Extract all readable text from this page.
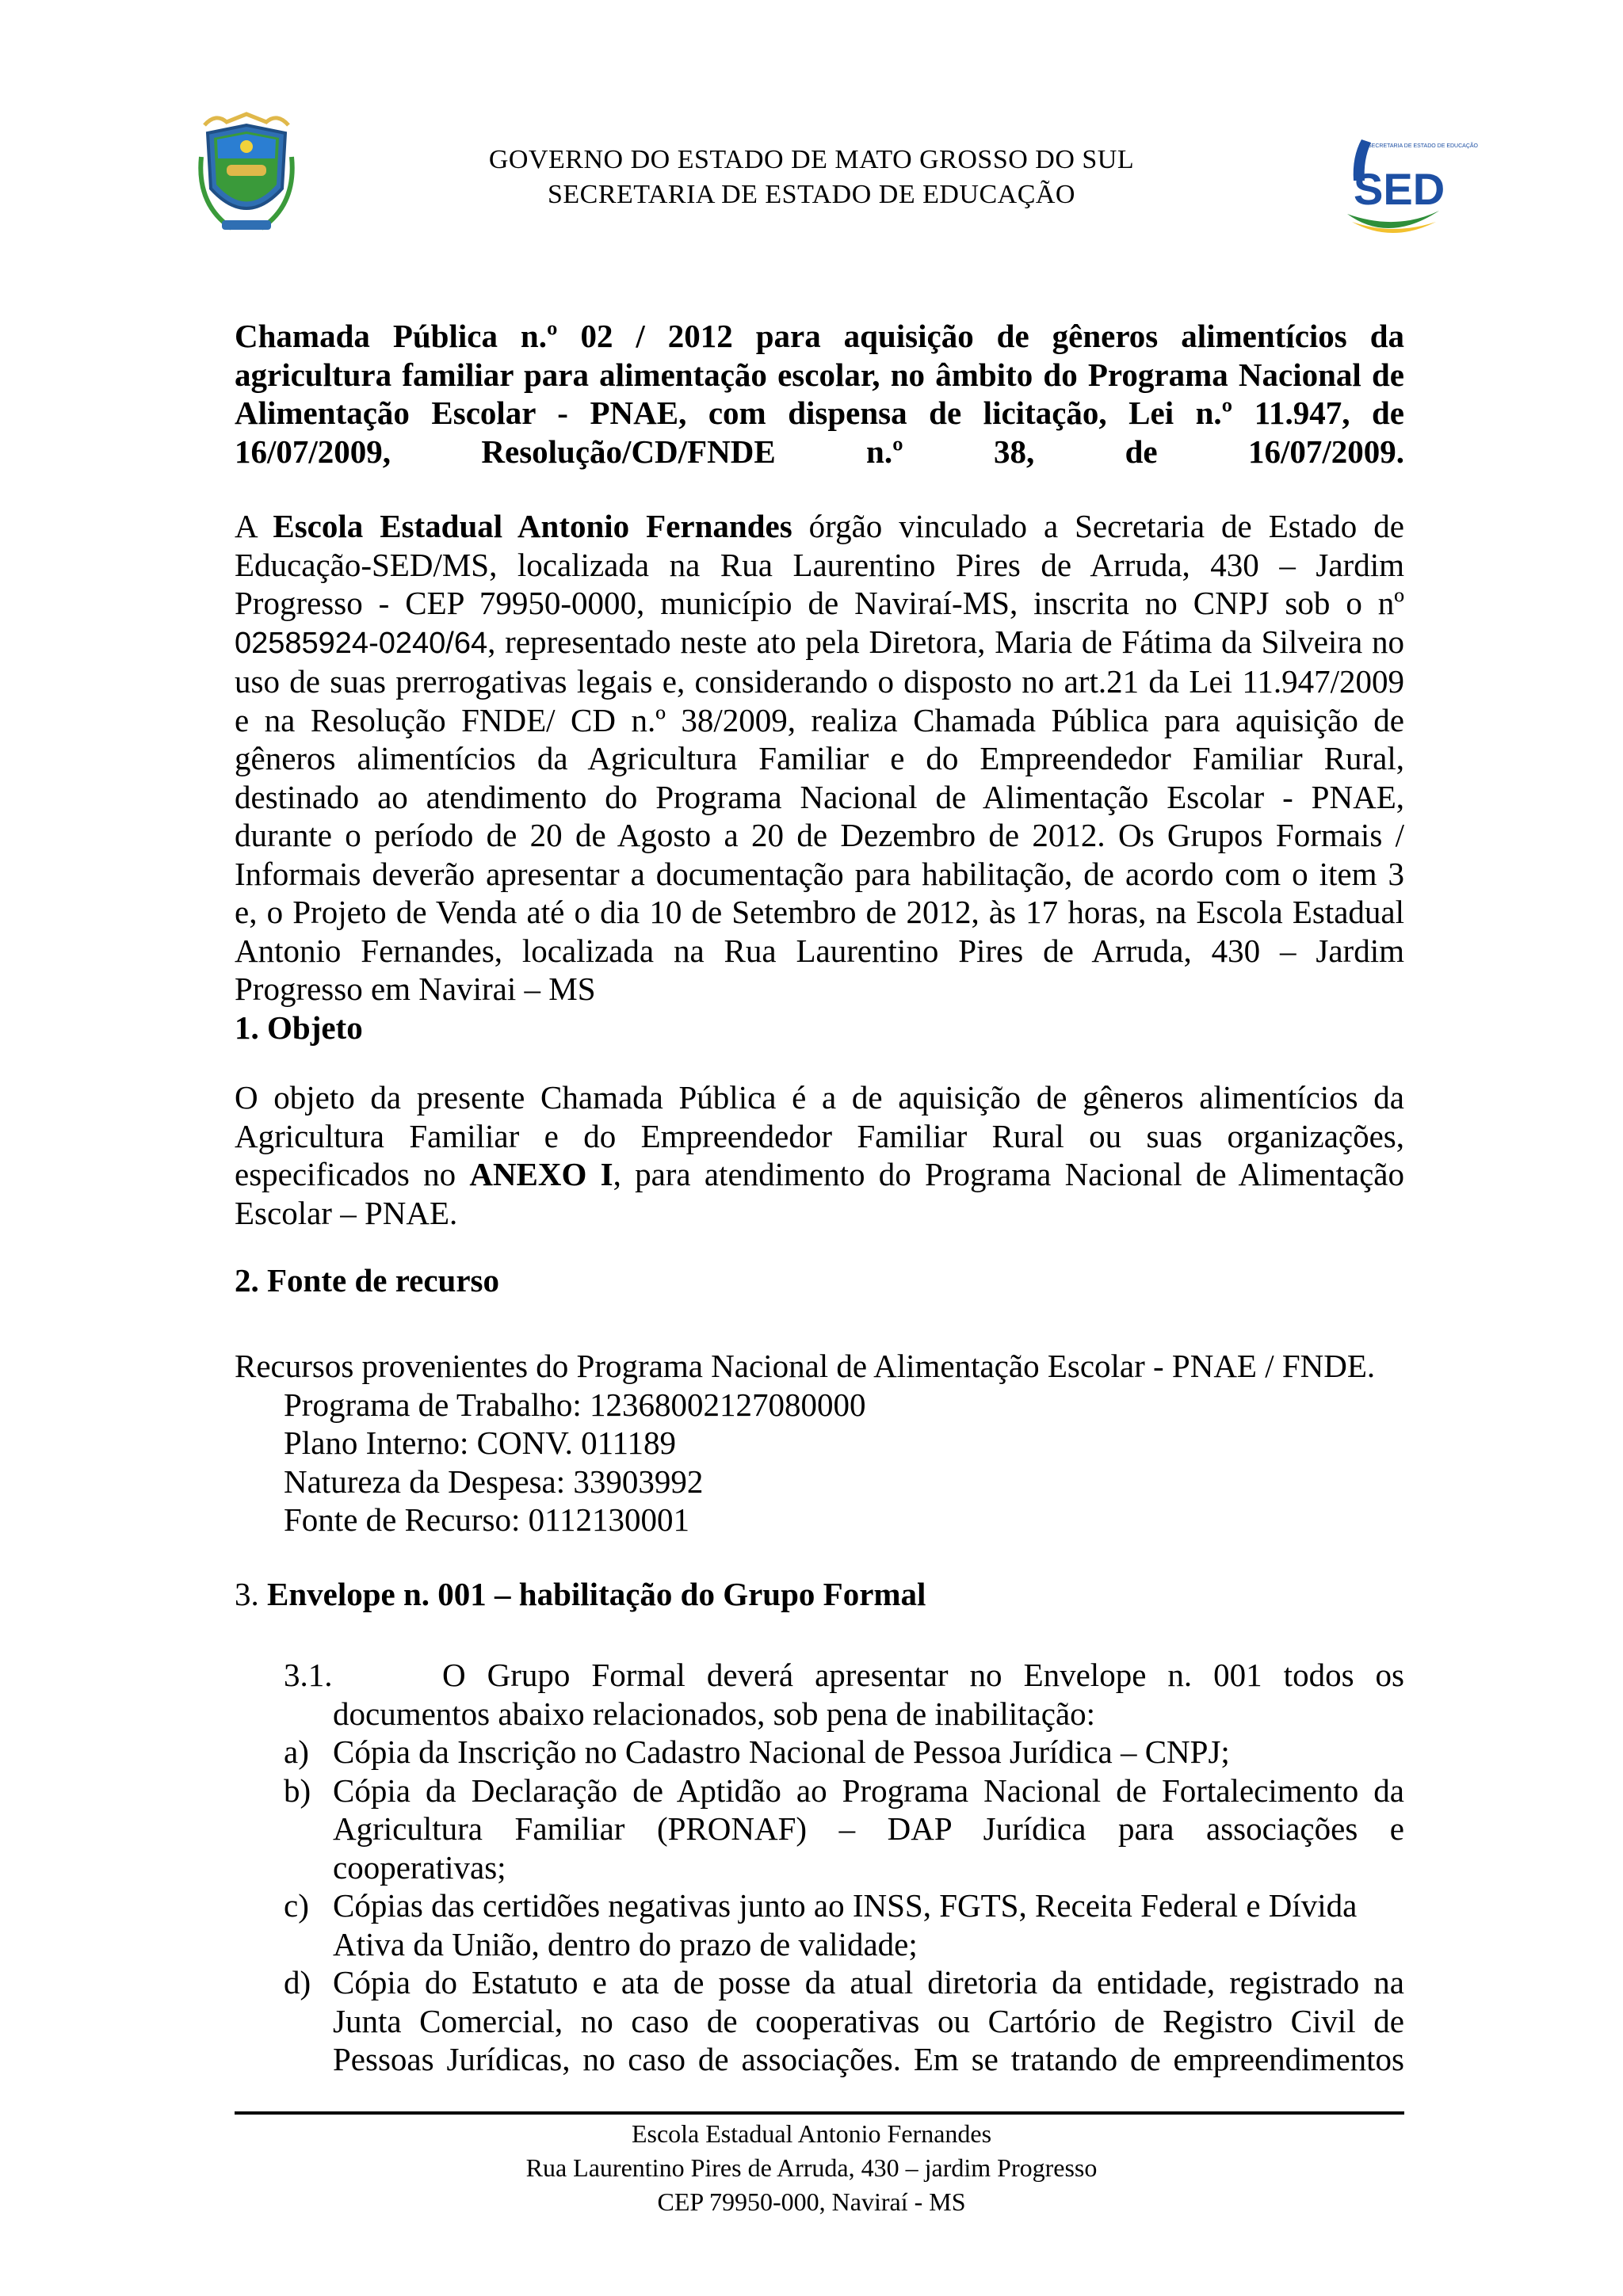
GOVERNO DO ESTADO DE MATO GROSSO DO SUL
SECRETARIA DE ESTADO DE EDUCAÇÃO	SED
SECRETARIA DE ESTADO DE EDUCAÇÃO
Chamada Pública n.º 02 / 2012 para aquisição de gêneros alimentícios da
agricultura familiar para alimentação escolar, no âmbito do Programa Nacional de
Alimentação Escolar - PNAE, com dispensa de licitação, Lei n.º 11.947, de
16/07/2009, Resolução/CD/FNDE n.º 38, de 16/07/2009.
A Escola Estadual Antonio Fernandes órgão vinculado a Secretaria de Estado de
Educação-SED/MS, localizada na Rua Laurentino Pires de Arruda, 430 – Jardim
Progresso - CEP 79950-0000, município de Naviraí-MS, inscrita no CNPJ sob o nº
02585924-0240/64, representado neste ato pela Diretora, Maria de Fátima da Silveira no
uso de suas prerrogativas legais e, considerando o disposto no art.21 da Lei 11.947/2009
e na Resolução FNDE/ CD n.º 38/2009, realiza Chamada Pública para aquisição de
gêneros alimentícios da Agricultura Familiar e do Empreendedor Familiar Rural,
destinado ao atendimento do Programa Nacional de Alimentação Escolar - PNAE,
durante o período de 20 de Agosto a 20 de Dezembro de 2012. Os Grupos Formais /
Informais deverão apresentar a documentação para habilitação, de acordo com o item 3
e, o Projeto de Venda até o dia 10 de Setembro de 2012, às 17 horas, na Escola Estadual
Antonio Fernandes, localizada na Rua Laurentino Pires de Arruda, 430 – Jardim
Progresso em Navirai – MS
1. Objeto
O objeto da presente Chamada Pública é a de aquisição de gêneros alimentícios da
Agricultura Familiar e do Empreendedor Familiar Rural ou suas organizações,
especificados no ANEXO I, para atendimento do Programa Nacional de Alimentação
Escolar – PNAE.
2. Fonte de recurso
Recursos provenientes do Programa Nacional de Alimentação Escolar - PNAE / FNDE.
Programa de Trabalho: 12368002127080000
Plano Interno: CONV. 011189
Natureza da Despesa: 33903992
Fonte de Recurso: 0112130001
3. Envelope n. 001 – habilitação do Grupo Formal
3.1.	O Grupo Formal deverá apresentar no Envelope n. 001 todos os
documentos abaixo relacionados, sob pena de inabilitação:
a) Cópia da Inscrição no Cadastro Nacional de Pessoa Jurídica – CNPJ;
b) Cópia da Declaração de Aptidão ao Programa Nacional de Fortalecimento da
Agricultura Familiar (PRONAF) – DAP Jurídica para associações e
cooperativas;
c) Cópias das certidões negativas junto ao INSS, FGTS, Receita Federal e Dívida
Ativa da União, dentro do prazo de validade;
d) Cópia do Estatuto e ata de posse da atual diretoria da entidade, registrado na
Junta Comercial, no caso de cooperativas ou Cartório de Registro Civil de
Pessoas Jurídicas, no caso de associações. Em se tratando de empreendimentos
Escola Estadual Antonio Fernandes
Rua Laurentino Pires de Arruda, 430 – jardim Progresso
CEP 79950-000, Naviraí - MS
